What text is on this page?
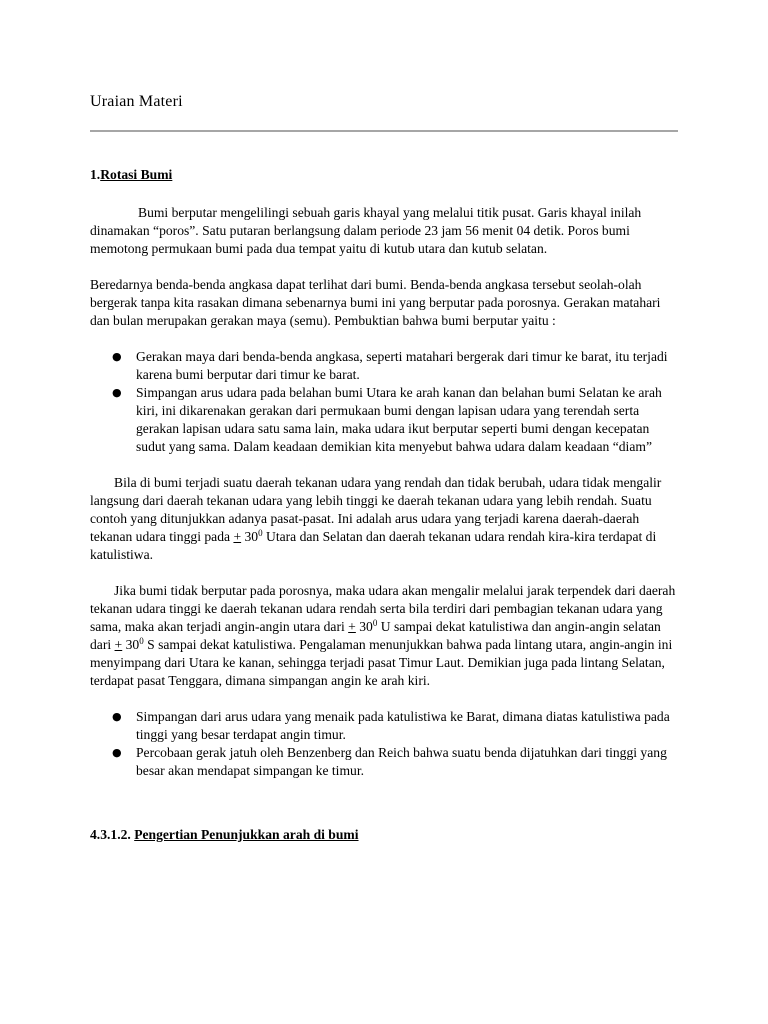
Uraian Materi

1.Rotasi Bumi

Bumi berputar mengelilingi sebuah garis khayal yang melalui titik pusat. Garis khayal inilah dinamakan “poros”. Satu putaran berlangsung dalam periode 23 jam 56 menit 04 detik. Poros bumi memotong permukaan bumi pada dua tempat yaitu di kutub utara dan kutub selatan.

Beredarnya benda-benda angkasa dapat terlihat dari bumi. Benda-benda angkasa tersebut seolah-olah bergerak tanpa kita rasakan dimana sebenarnya bumi ini yang berputar pada porosnya. Gerakan matahari dan bulan merupakan gerakan maya (semu). Pembuktian bahwa bumi berputar yaitu :

● Gerakan maya dari benda-benda angkasa, seperti matahari bergerak dari timur ke barat, itu terjadi karena bumi berputar dari timur ke barat.
● Simpangan arus udara pada belahan bumi Utara ke arah kanan dan belahan bumi Selatan ke arah kiri, ini dikarenakan gerakan dari permukaan bumi dengan lapisan udara yang terendah serta gerakan lapisan udara satu sama lain, maka udara ikut berputar seperti bumi dengan kecepatan sudut yang sama. Dalam keadaan demikian kita menyebut bahwa udara dalam keadaan “diam”

Bila di bumi terjadi suatu daerah tekanan udara yang rendah dan tidak berubah, udara tidak mengalir langsung dari daerah tekanan udara yang lebih tinggi ke daerah tekanan udara yang lebih rendah. Suatu contoh yang ditunjukkan adanya pasat-pasat. Ini adalah arus udara yang terjadi karena daerah-daerah tekanan udara tinggi pada + $30^0$ Utara dan Selatan dan daerah tekanan udara rendah kira-kira terdapat di katulistiwa.

Jika bumi tidak berputar pada porosnya, maka udara akan mengalir melalui jarak terpendek dari daerah tekanan udara tinggi ke daerah tekanan udara rendah serta bila terdiri dari pembagian tekanan udara yang sama, maka akan terjadi angin-angin utara dari + $30^0$ U sampai dekat katulistiwa dan angin-angin selatan dari + $30^0$ S sampai dekat katulistiwa. Pengalaman menunjukkan bahwa pada lintang utara, angin-angin ini menyimpang dari Utara ke kanan, sehingga terjadi pasat Timur Laut. Demikian juga pada lintang Selatan, terdapat pasat Tenggara, dimana simpangan angin ke arah kiri.

● Simpangan dari arus udara yang menaik pada katulistiwa ke Barat, dimana diatas katulistiwa pada tinggi yang besar terdapat angin timur.
● Percobaan gerak jatuh oleh Benzenberg dan Reich bahwa suatu benda dijatuhkan dari tinggi yang besar akan mendapat simpangan ke timur.

4.3.1.2. Pengertian Penunjukkan arah di bumi
